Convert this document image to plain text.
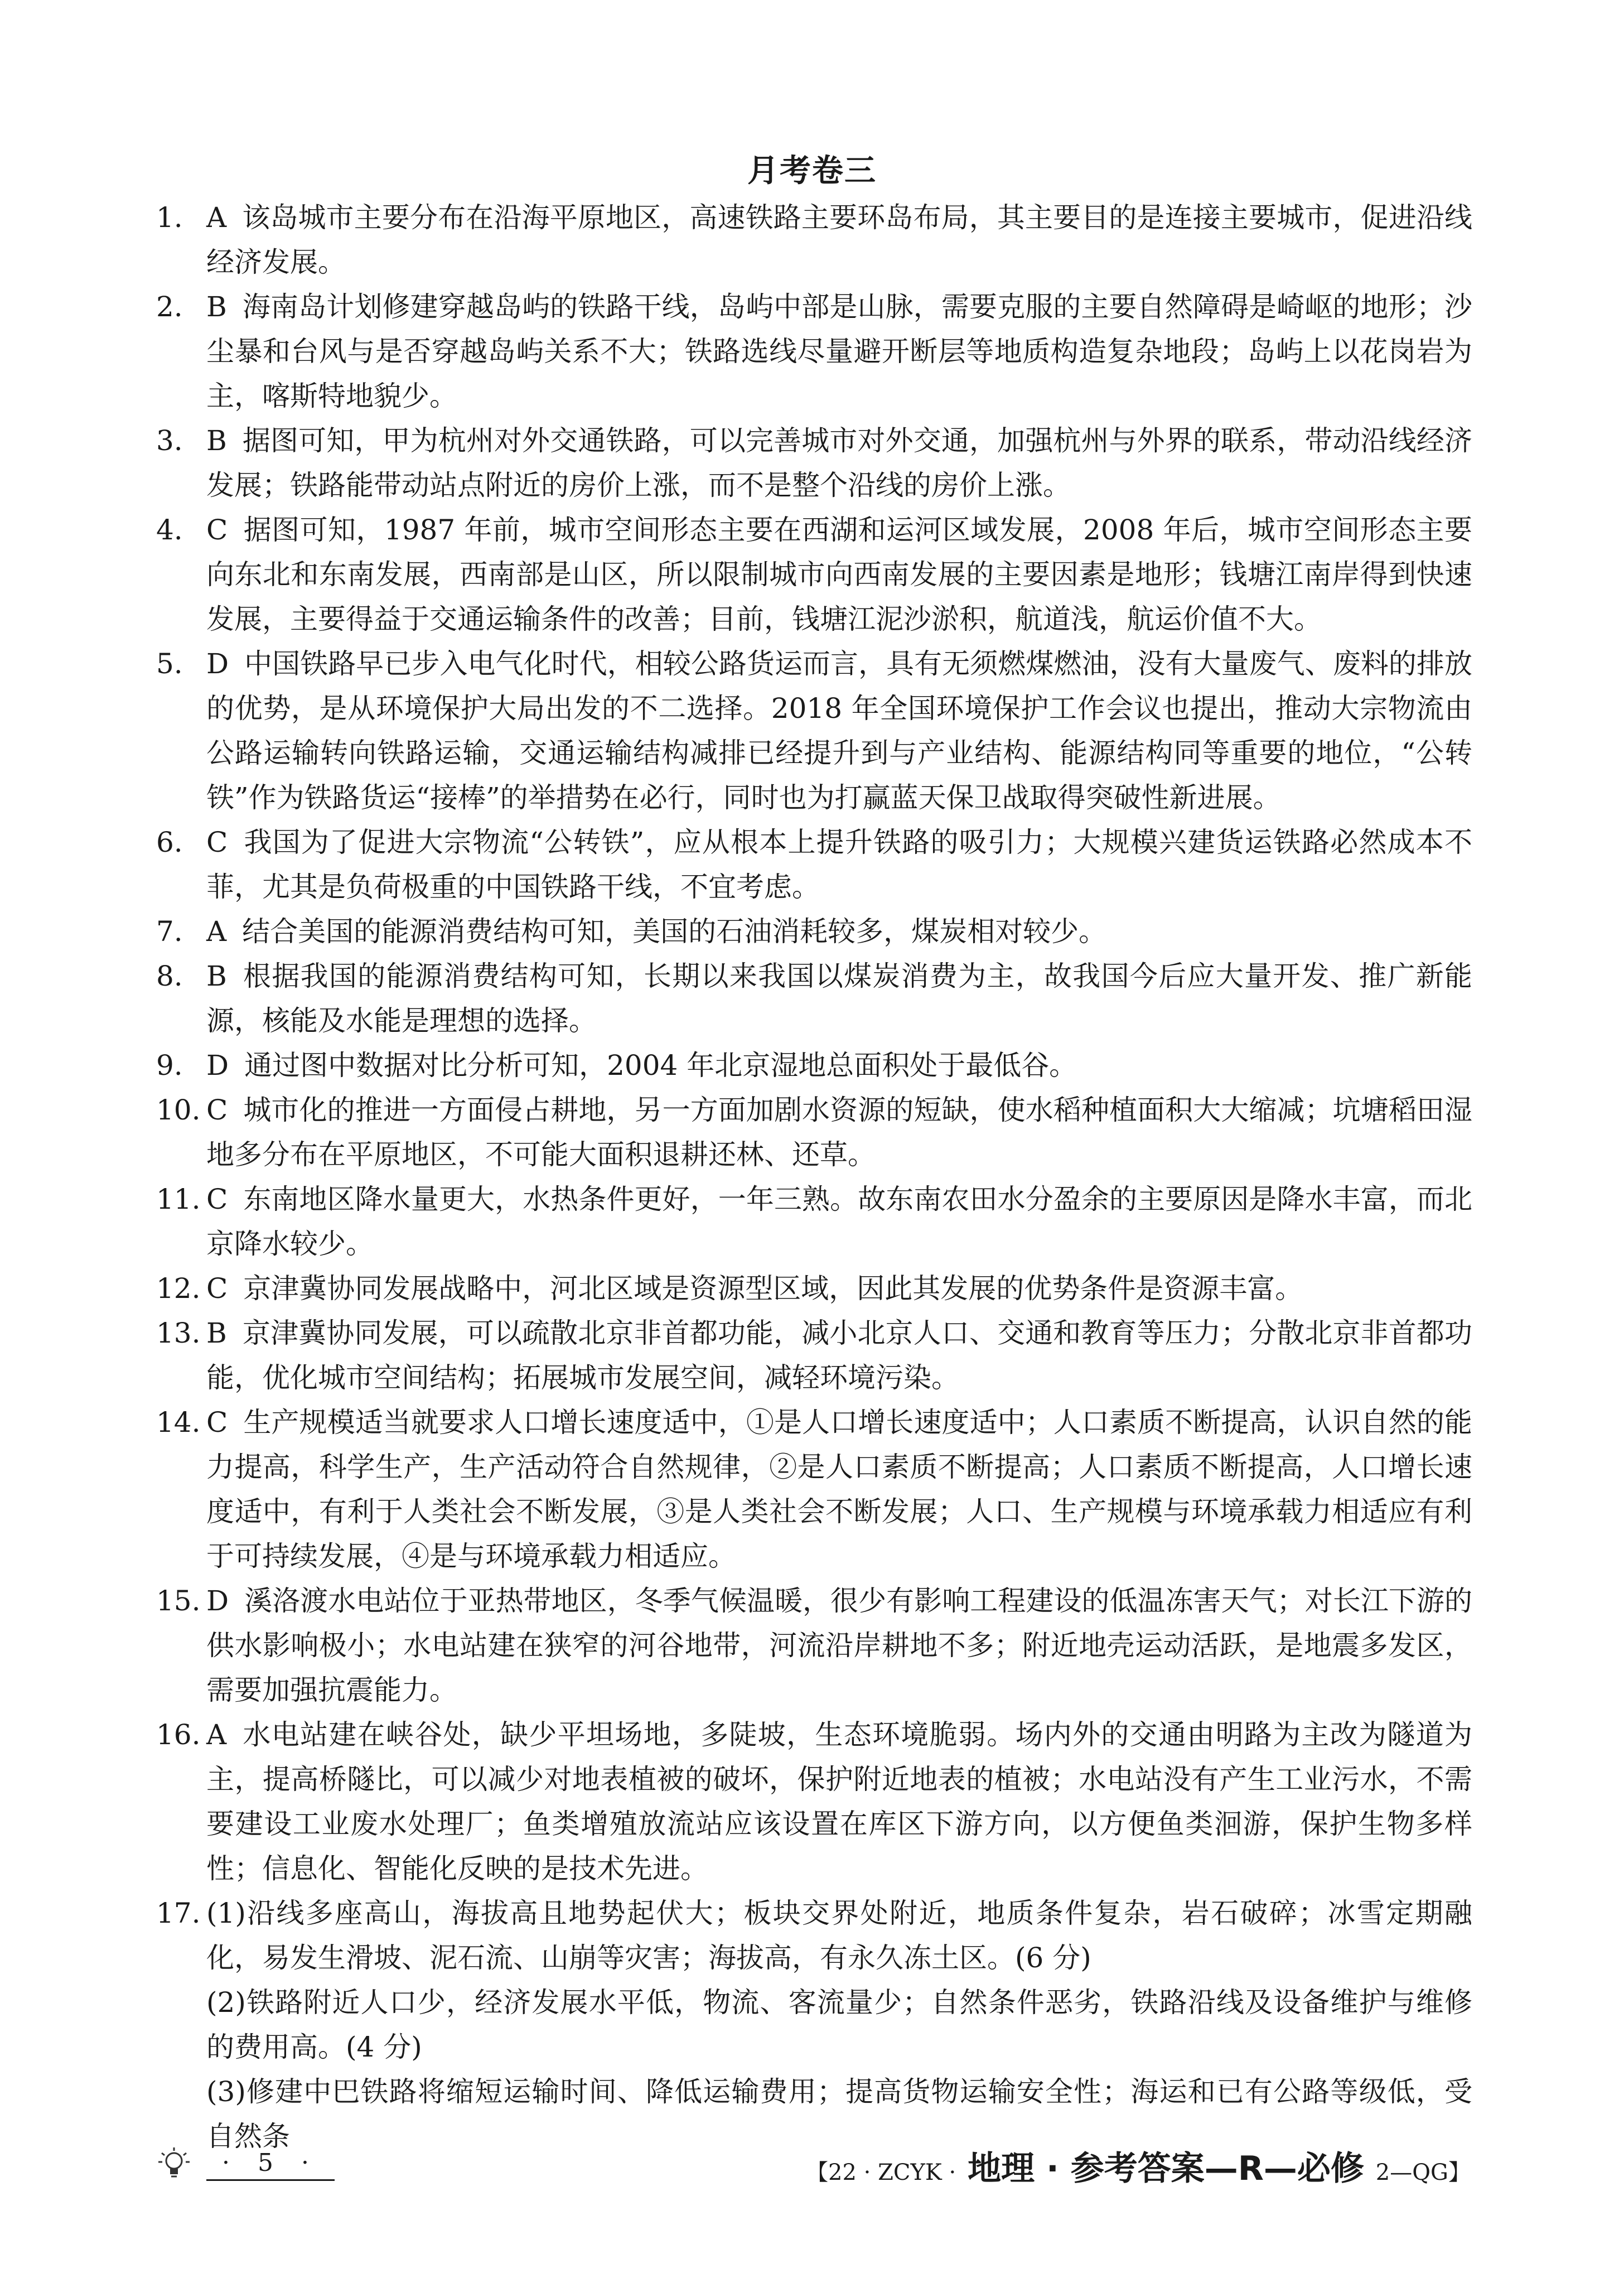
月考卷三
1. A 该岛城市主要分布在沿海平原地区，高速铁路主要环岛布局，其主要目的是连接主要城市，促进沿线经济发展。
2. B 海南岛计划修建穿越岛屿的铁路干线，岛屿中部是山脉，需要克服的主要自然障碍是崎岖的地形；沙尘暴和台风与是否穿越岛屿关系不大；铁路选线尽量避开断层等地质构造复杂地段；岛屿上以花岗岩为主，喀斯特地貌少。
3. B 据图可知，甲为杭州对外交通铁路，可以完善城市对外交通，加强杭州与外界的联系，带动沿线经济发展；铁路能带动站点附近的房价上涨，而不是整个沿线的房价上涨。
4. C 据图可知，1987 年前，城市空间形态主要在西湖和运河区域发展，2008 年后，城市空间形态主要向东北和东南发展，西南部是山区，所以限制城市向西南发展的主要因素是地形；钱塘江南岸得到快速发展，主要得益于交通运输条件的改善；目前，钱塘江泥沙淤积，航道浅，航运价值不大。
5. D 中国铁路早已步入电气化时代，相较公路货运而言，具有无须燃煤燃油，没有大量废气、废料的排放的优势，是从环境保护大局出发的不二选择。2018 年全国环境保护工作会议也提出，推动大宗物流由公路运输转向铁路运输，交通运输结构减排已经提升到与产业结构、能源结构同等重要的地位，“公转铁”作为铁路货运“接棒”的举措势在必行，同时也为打赢蓝天保卫战取得突破性新进展。
6. C 我国为了促进大宗物流“公转铁”，应从根本上提升铁路的吸引力；大规模兴建货运铁路必然成本不菲，尤其是负荷极重的中国铁路干线，不宜考虑。
7. A 结合美国的能源消费结构可知，美国的石油消耗较多，煤炭相对较少。
8. B 根据我国的能源消费结构可知，长期以来我国以煤炭消费为主，故我国今后应大量开发、推广新能源，核能及水能是理想的选择。
9. D 通过图中数据对比分析可知，2004 年北京湿地总面积处于最低谷。
10. C 城市化的推进一方面侵占耕地，另一方面加剧水资源的短缺，使水稻种植面积大大缩减；坑塘稻田湿地多分布在平原地区，不可能大面积退耕还林、还草。
11. C 东南地区降水量更大，水热条件更好，一年三熟。故东南农田水分盈余的主要原因是降水丰富，而北京降水较少。
12. C 京津冀协同发展战略中，河北区域是资源型区域，因此其发展的优势条件是资源丰富。
13. B 京津冀协同发展，可以疏散北京非首都功能，减小北京人口、交通和教育等压力；分散北京非首都功能，优化城市空间结构；拓展城市发展空间，减轻环境污染。
14. C 生产规模适当就要求人口增长速度适中，①是人口增长速度适中；人口素质不断提高，认识自然的能力提高，科学生产，生产活动符合自然规律，②是人口素质不断提高；人口素质不断提高，人口增长速度适中，有利于人类社会不断发展，③是人类社会不断发展；人口、生产规模与环境承载力相适应有利于可持续发展，④是与环境承载力相适应。
15. D 溪洛渡水电站位于亚热带地区，冬季气候温暖，很少有影响工程建设的低温冻害天气；对长江下游的供水影响极小；水电站建在狭窄的河谷地带，河流沿岸耕地不多；附近地壳运动活跃，是地震多发区，需要加强抗震能力。
16. A 水电站建在峡谷处，缺少平坦场地，多陡坡，生态环境脆弱。场内外的交通由明路为主改为隧道为主，提高桥隧比，可以减少对地表植被的破坏，保护附近地表的植被；水电站没有产生工业污水，不需要建设工业废水处理厂；鱼类增殖放流站应该设置在库区下游方向，以方便鱼类洄游，保护生物多样性；信息化、智能化反映的是技术先进。
17. (1)沿线多座高山，海拔高且地势起伏大；板块交界处附近，地质条件复杂，岩石破碎；冰雪定期融化，易发生滑坡、泥石流、山崩等灾害；海拔高，有永久冻土区。(6 分)
(2)铁路附近人口少，经济发展水平低，物流、客流量少；自然条件恶劣，铁路沿线及设备维护与维修的费用高。(4 分)
(3)修建中巴铁路将缩短运输时间、降低运输费用；提高货物运输安全性；海运和已有公路等级低，受自然条
· 5 ·	【22 · ZCYK · 地理 · 参考答案—R—必修 2—QG】
